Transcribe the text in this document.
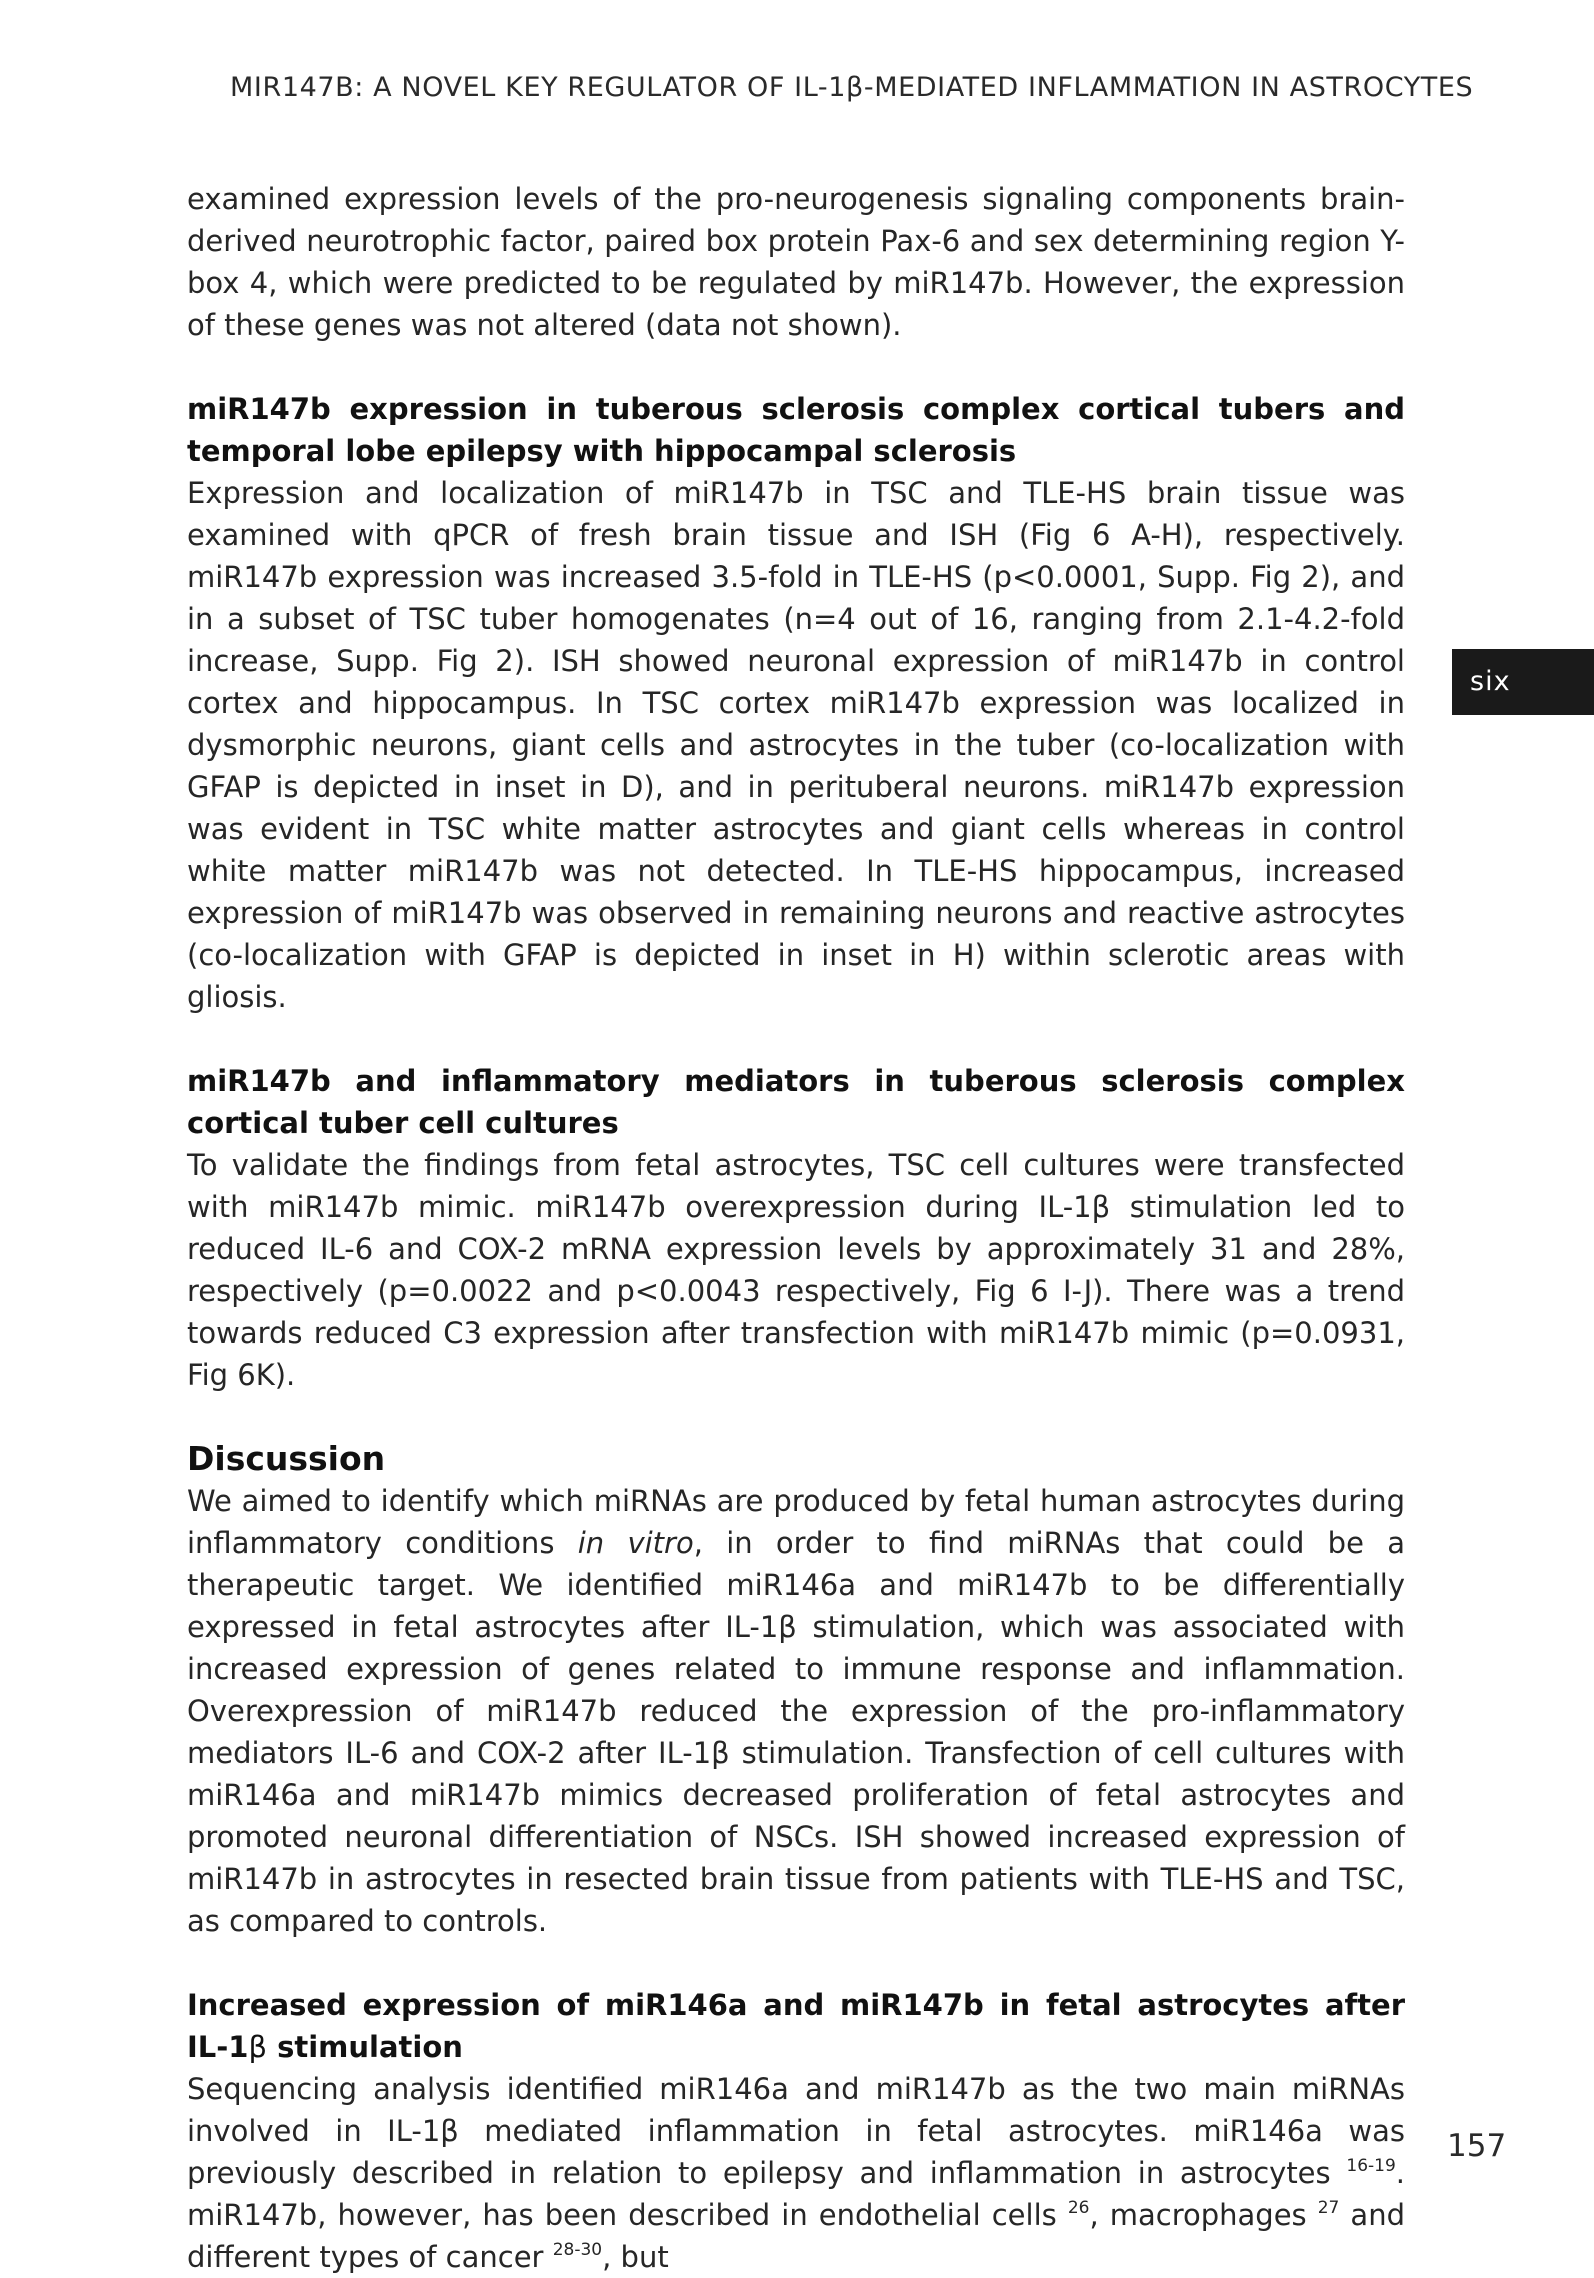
MIR147B: A NOVEL KEY REGULATOR OF IL-1β-MEDIATED INFLAMMATION IN ASTROCYTES

examined expression levels of the pro-neurogenesis signaling components brain-derived neurotrophic factor, paired box protein Pax-6 and sex determining region Y-box 4, which were predicted to be regulated by miR147b. However, the expression of these genes was not altered (data not shown).

miR147b expression in tuberous sclerosis complex cortical tubers and temporal lobe epilepsy with hippocampal sclerosis

Expression and localization of miR147b in TSC and TLE-HS brain tissue was examined with qPCR of fresh brain tissue and ISH (Fig 6 A-H), respectively. miR147b expression was increased 3.5-fold in TLE-HS (p<0.0001, Supp. Fig 2), and in a subset of TSC tuber homogenates (n=4 out of 16, ranging from 2.1-4.2-fold increase, Supp. Fig 2). ISH showed neuronal expression of miR147b in control cortex and hippocampus. In TSC cortex miR147b expression was localized in dysmorphic neurons, giant cells and astrocytes in the tuber (co-localization with GFAP is depicted in inset in D), and in perituberal neurons. miR147b expression was evident in TSC white matter astrocytes and giant cells whereas in control white matter miR147b was not detected. In TLE-HS hippocampus, increased expression of miR147b was observed in remaining neurons and reactive astrocytes (co-localization with GFAP is depicted in inset in H) within sclerotic areas with gliosis.

miR147b and inflammatory mediators in tuberous sclerosis complex cortical tuber cell cultures

To validate the findings from fetal astrocytes, TSC cell cultures were transfected with miR147b mimic. miR147b overexpression during IL-1β stimulation led to reduced IL-6 and COX-2 mRNA expression levels by approximately 31 and 28%, respectively (p=0.0022 and p<0.0043 respectively, Fig 6 I-J). There was a trend towards reduced C3 expression after transfection with miR147b mimic (p=0.0931, Fig 6K).

Discussion

We aimed to identify which miRNAs are produced by fetal human astrocytes during inflammatory conditions in vitro, in order to find miRNAs that could be a therapeutic target. We identified miR146a and miR147b to be differentially expressed in fetal astrocytes after IL-1β stimulation, which was associated with increased expression of genes related to immune response and inflammation. Overexpression of miR147b reduced the expression of the pro-inflammatory mediators IL-6 and COX-2 after IL-1β stimulation. Transfection of cell cultures with miR146a and miR147b mimics decreased proliferation of fetal astrocytes and promoted neuronal differentiation of NSCs. ISH showed increased expression of miR147b in astrocytes in resected brain tissue from patients with TLE-HS and TSC, as compared to controls.

Increased expression of miR146a and miR147b in fetal astrocytes after IL-1β stimulation

Sequencing analysis identified miR146a and miR147b as the two main miRNAs involved in IL-1β mediated inflammation in fetal astrocytes. miR146a was previously described in relation to epilepsy and inflammation in astrocytes $^{16-19}$. miR147b, however, has been described in endothelial cells $^{26}$, macrophages $^{27}$ and different types of cancer $^{28-30}$, but

six
157
